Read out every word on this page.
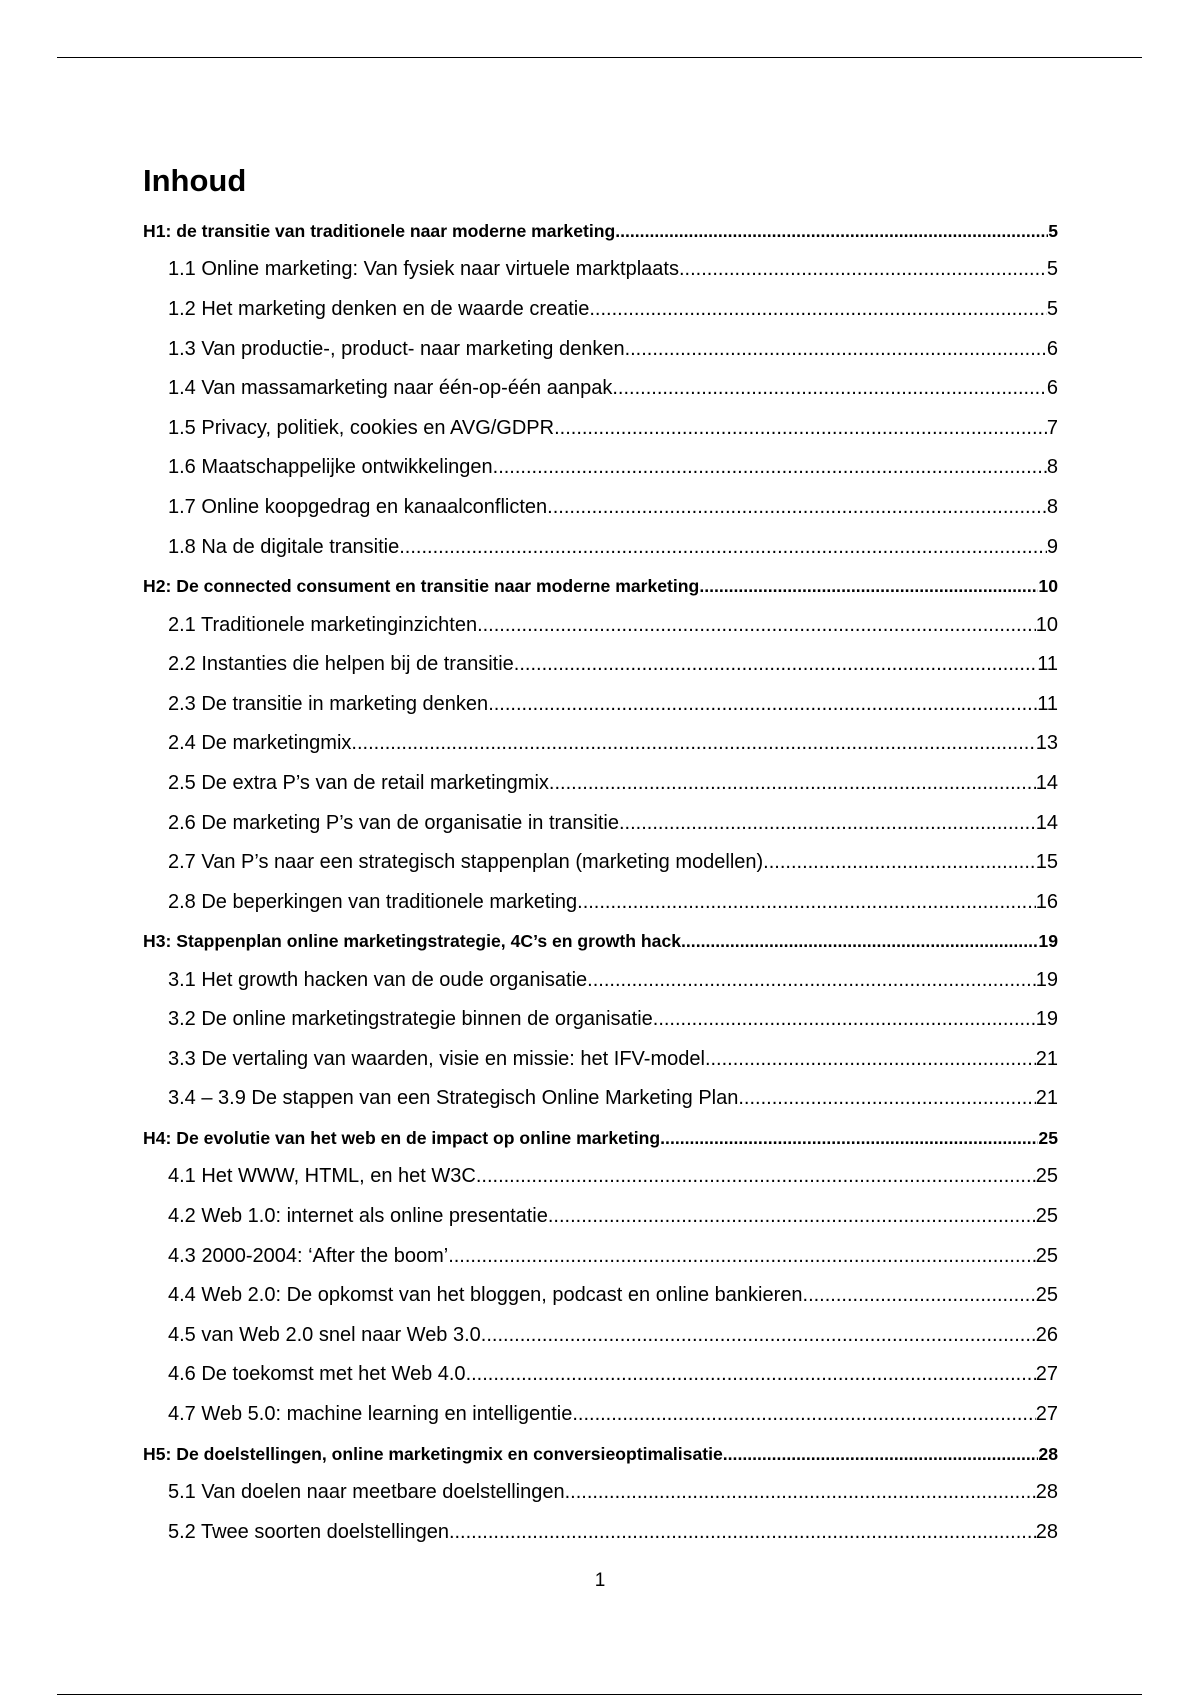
Inhoud
H1: de transitie van traditionele naar moderne marketing .....	5
1.1 Online marketing: Van fysiek naar virtuele marktplaats .....	5
1.2 Het marketing denken en de waarde creatie .....	5
1.3 Van productie-, product- naar marketing denken .....	6
1.4 Van massamarketing naar één-op-één aanpak .....	6
1.5 Privacy, politiek, cookies en AVG/GDPR .....	7
1.6 Maatschappelijke ontwikkelingen .....	8
1.7 Online koopgedrag en kanaalconflicten .....	8
1.8 Na de digitale transitie .....	9
H2: De connected consument en transitie naar moderne marketing .....	10
2.1 Traditionele marketinginzichten .....	10
2.2 Instanties die helpen bij de transitie .....	11
2.3 De transitie in marketing denken .....	11
2.4 De marketingmix .....	13
2.5 De extra P’s van de retail marketingmix .....	14
2.6 De marketing P’s van de organisatie in transitie .....	14
2.7 Van P’s naar een strategisch stappenplan (marketing modellen) .....	15
2.8 De beperkingen van traditionele marketing .....	16
H3: Stappenplan online marketingstrategie, 4C’s en growth hack .....	19
3.1 Het growth hacken van de oude organisatie .....	19
3.2 De online marketingstrategie binnen de organisatie .....	19
3.3 De vertaling van waarden, visie en missie: het IFV-model .....	21
3.4 – 3.9 De stappen van een Strategisch Online Marketing Plan .....	21
H4: De evolutie van het web en de impact op online marketing .....	25
4.1 Het WWW, HTML, en het W3C .....	25
4.2 Web 1.0: internet als online presentatie .....	25
4.3 2000-2004: ‘After the boom’ .....	25
4.4 Web 2.0: De opkomst van het bloggen, podcast en online bankieren .....	25
4.5 van Web 2.0 snel naar Web 3.0 .....	26
4.6 De toekomst met het Web 4.0 .....	27
4.7 Web 5.0: machine learning en intelligentie .....	27
H5: De doelstellingen, online marketingmix en conversieoptimalisatie .....	28
5.1 Van doelen naar meetbare doelstellingen .....	28
5.2 Twee soorten doelstellingen .....	28
1
